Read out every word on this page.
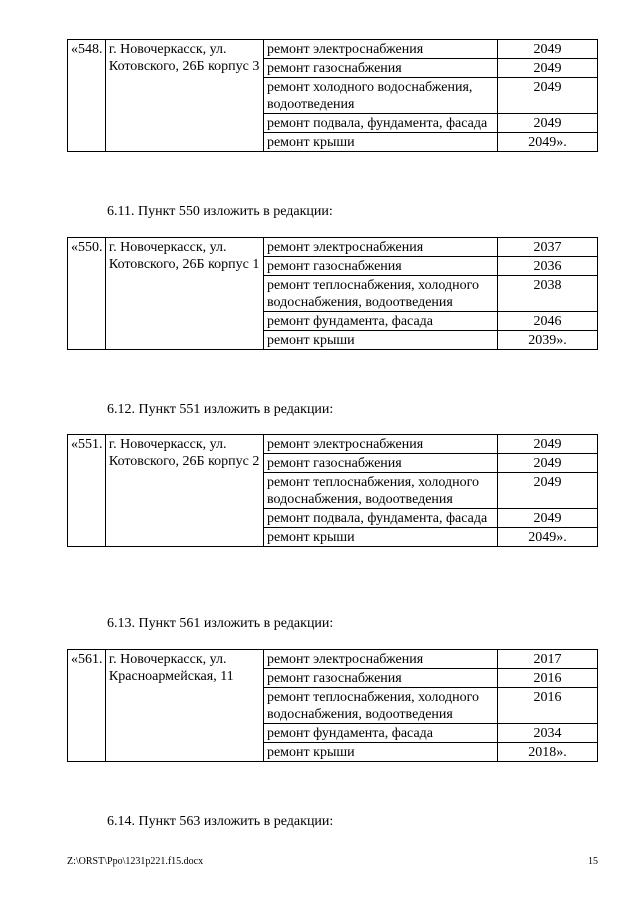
«548.	г. Новочеркасск, ул. Котовского, 26Б корпус 3	ремонт электроснабжения	2049
		ремонт газоснабжения	2049
		ремонт холодного водоснабжения, водоотведения	2049
		ремонт подвала, фундамента, фасада	2049
		ремонт крыши	2049».

6.11. Пункт 550 изложить в редакции:

«550.	г. Новочеркасск, ул. Котовского, 26Б корпус 1	ремонт электроснабжения	2037
		ремонт газоснабжения	2036
		ремонт теплоснабжения, холодного водоснабжения, водоотведения	2038
		ремонт фундамента, фасада	2046
		ремонт крыши	2039».

6.12. Пункт 551 изложить в редакции:

«551.	г. Новочеркасск, ул. Котовского, 26Б корпус 2	ремонт электроснабжения	2049
		ремонт газоснабжения	2049
		ремонт теплоснабжения, холодного водоснабжения, водоотведения	2049
		ремонт подвала, фундамента, фасада	2049
		ремонт крыши	2049».

6.13. Пункт 561 изложить в редакции:

«561.	г. Новочеркасск, ул. Красноармейская, 11	ремонт электроснабжения	2017
		ремонт газоснабжения	2016
		ремонт теплоснабжения, холодного водоснабжения, водоотведения	2016
		ремонт фундамента, фасада	2034
		ремонт крыши	2018».

6.14. Пункт 563 изложить в редакции:

Z:\ORST\Ppo\1231p221.f15.docx	15
